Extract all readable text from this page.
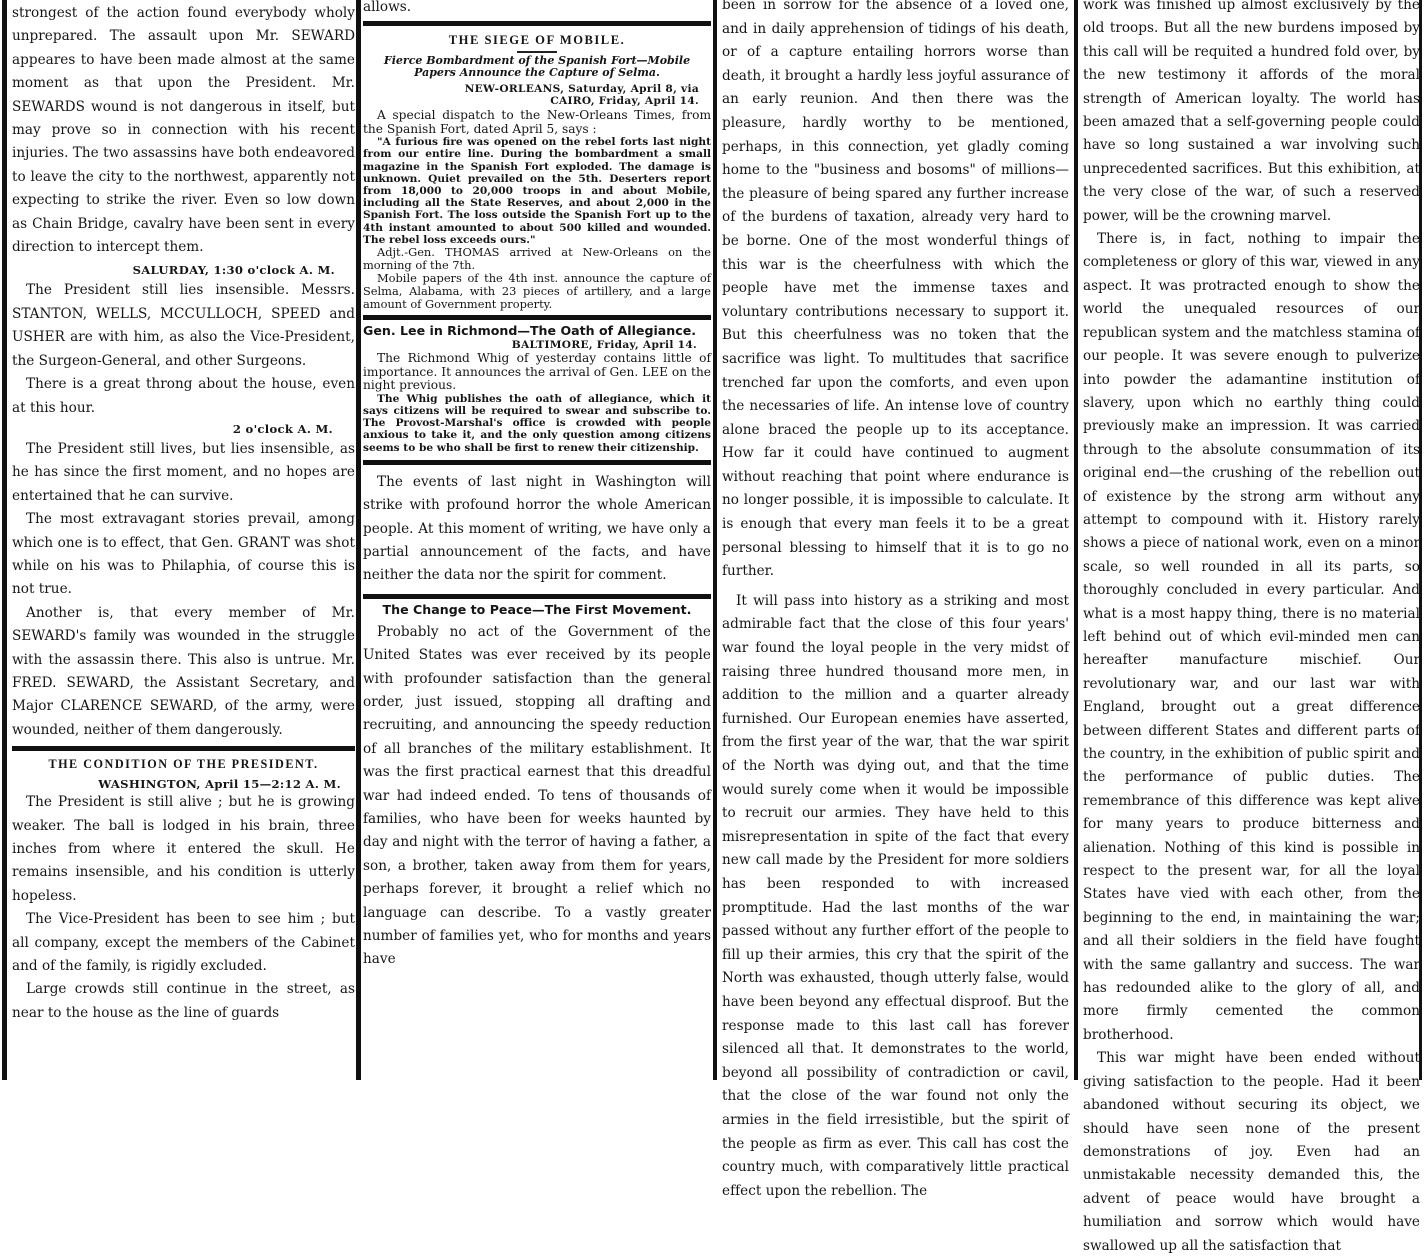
strongest of the action found everybody wholy unprepared. The assault upon Mr. SEWARD appeares to have been made almost at the same moment as that upon the President. Mr. SEWARDS wound is not dangerous in itself, but may prove so in connection with his recent injuries. The two assassins have both endeavored to leave the city to the northwest, apparently not expecting to strike the river. Even so low down as Chain Bridge, cavalry have been sent in every direction to intercept them.

SALURDAY, 1:30 o'clock A. M.

The President still lies insensible. Messrs. STANTON, WELLS, MCCULLOCH, SPEED and USHER are with him, as also the Vice-President, the Surgeon-General, and other Surgeons.

There is a great throng about the house, even at this hour.

2 o'clock A. M.

The President still lives, but lies insensible, as he has since the first moment, and no hopes are entertained that he can survive.

The most extravagant stories prevail, among which one is to effect, that Gen. GRANT was shot while on his was to Philaphia, of course this is not true.

Another is, that every member of Mr. SEWARD's family was wounded in the struggle with the assassin there. This also is untrue. Mr. FRED. SEWARD, the Assistant Secretary, and Major CLARENCE SEWARD, of the army, were wounded, neither of them dangerously.

THE CONDITION OF THE PRESIDENT.

WASHINGTON, April 15—2:12 A. M.

The President is still alive ; but he is growing weaker. The ball is lodged in his brain, three inches from where it entered the skull. He remains insensible, and his condition is utterly hopeless.

The Vice-President has been to see him ; but all company, except the members of the Cabinet and of the family, is rigidly excluded.

Large crowds still continue in the street, as near to the house as the line of guards

allows.

THE SIEGE OF MOBILE.

Fierce Bombardment of the Spanish Fort—Mobile Papers Announce the Capture of Selma.

NEW-ORLEANS, Saturday, April 8, via CAIRO, Friday, April 14.

A special dispatch to the New-Orleans Times, from the Spanish Fort, dated April 5, says :

"A furious fire was opened on the rebel forts last night from our entire line. During the bombardment a small magazine in the Spanish Fort exploded. The damage is unknown. Quiet prevailed on the 5th. Deserters report from 18,000 to 20,000 troops in and about Mobile, including all the State Reserves, and about 2,000 in the Spanish Fort. The loss outside the Spanish Fort up to the 4th instant amounted to about 500 killed and wounded. The rebel loss exceeds ours."

Adjt.-Gen. THOMAS arrived at New-Orleans on the morning of the 7th.

Mobile papers of the 4th inst. announce the capture of Selma, Alabama, with 23 pieces of artillery, and a large amount of Government property.

Gen. Lee in Richmond—The Oath of Allegiance.

BALTIMORE, Friday, April 14.

The Richmond Whig of yesterday contains little of importance. It announces the arrival of Gen. LEE on the night previous.

The Whig publishes the oath of allegiance, which it says citizens will be required to swear and subscribe to. The Provost-Marshal's office is crowded with people anxious to take it, and the only question among citizens seems to be who shall be first to renew their citizenship.

The events of last night in Washington will strike with profound horror the whole American people. At this moment of writing, we have only a partial announcement of the facts, and have neither the data nor the spirit for comment.

The Change to Peace—The First Movement.

Probably no act of the Government of the United States was ever received by its people with profounder satisfaction than the general order, just issued, stopping all drafting and recruiting, and announcing the speedy reduction of all branches of the military establishment. It was the first practical earnest that this dreadful war had indeed ended. To tens of thousands of families, who have been for weeks haunted by day and night with the terror of having a father, a son, a brother, taken away from them for years, perhaps forever, it brought a relief which no language can describe. To a vastly greater number of families yet, who for months and years have

been in sorrow for the absence of a loved one, and in daily apprehension of tidings of his death, or of a capture entailing horrors worse than death, it brought a hardly less joyful assurance of an early reunion. And then there was the pleasure, hardly worthy to be mentioned, perhaps, in this connection, yet gladly coming home to the "business and bosoms" of millions—the pleasure of being spared any further increase of the burdens of taxation, already very hard to be borne. One of the most wonderful things of this war is the cheerfulness with which the people have met the immense taxes and voluntary contributions necessary to support it. But this cheerfulness was no token that the sacrifice was light. To multitudes that sacrifice trenched far upon the comforts, and even upon the necessaries of life. An intense love of country alone braced the people up to its acceptance. How far it could have continued to augment without reaching that point where endurance is no longer possible, it is impossible to calculate. It is enough that every man feels it to be a great personal blessing to himself that it is to go no further.

It will pass into history as a striking and most admirable fact that the close of this four years' war found the loyal people in the very midst of raising three hundred thousand more men, in addition to the million and a quarter already furnished. Our European enemies have asserted, from the first year of the war, that the war spirit of the North was dying out, and that the time would surely come when it would be impossible to recruit our armies. They have held to this misrepresentation in spite of the fact that every new call made by the President for more soldiers has been responded to with increased promptitude. Had the last months of the war passed without any further effort of the people to fill up their armies, this cry that the spirit of the North was exhausted, though utterly false, would have been beyond any effectual disproof. But the response made to this last call has forever silenced all that. It demonstrates to the world, beyond all possibility of contradiction or cavil, that the close of the war found not only the armies in the field irresistible, but the spirit of the people as firm as ever. This call has cost the country much, with comparatively little practical effect upon the rebellion. The

work was finished up almost exclusively by the old troops. But all the new burdens imposed by this call will be requited a hundred fold over, by the new testimony it affords of the moral strength of American loyalty. The world has been amazed that a self-governing people could have so long sustained a war involving such unprecedented sacrifices. But this exhibition, at the very close of the war, of such a reserved power, will be the crowning marvel.

There is, in fact, nothing to impair the completeness or glory of this war, viewed in any aspect. It was protracted enough to show the world the unequaled resources of our republican system and the matchless stamina of our people. It was severe enough to pulverize into powder the adamantine institution of slavery, upon which no earthly thing could previously make an impression. It was carried through to the absolute consummation of its original end—the crushing of the rebellion out of existence by the strong arm without any attempt to compound with it. History rarely shows a piece of national work, even on a minor scale, so well rounded in all its parts, so thoroughly concluded in every particular. And what is a most happy thing, there is no material left behind out of which evil-minded men can hereafter manufacture mischief. Our revolutionary war, and our last war with England, brought out a great difference between different States and different parts of the country, in the exhibition of public spirit and the performance of public duties. The remembrance of this difference was kept alive for many years to produce bitterness and alienation. Nothing of this kind is possible in respect to the present war, for all the loyal States have vied with each other, from the beginning to the end, in maintaining the war; and all their soldiers in the field have fought with the same gallantry and success. The war has redounded alike to the glory of all, and more firmly cemented the common brotherhood.

This war might have been ended without giving satisfaction to the people. Had it been abandoned without securing its object, we should have seen none of the present demonstrations of joy. Even had an unmistakable necessity demanded this, the advent of peace would have brought a humiliation and sorrow which would have swallowed up all the satisfaction that
